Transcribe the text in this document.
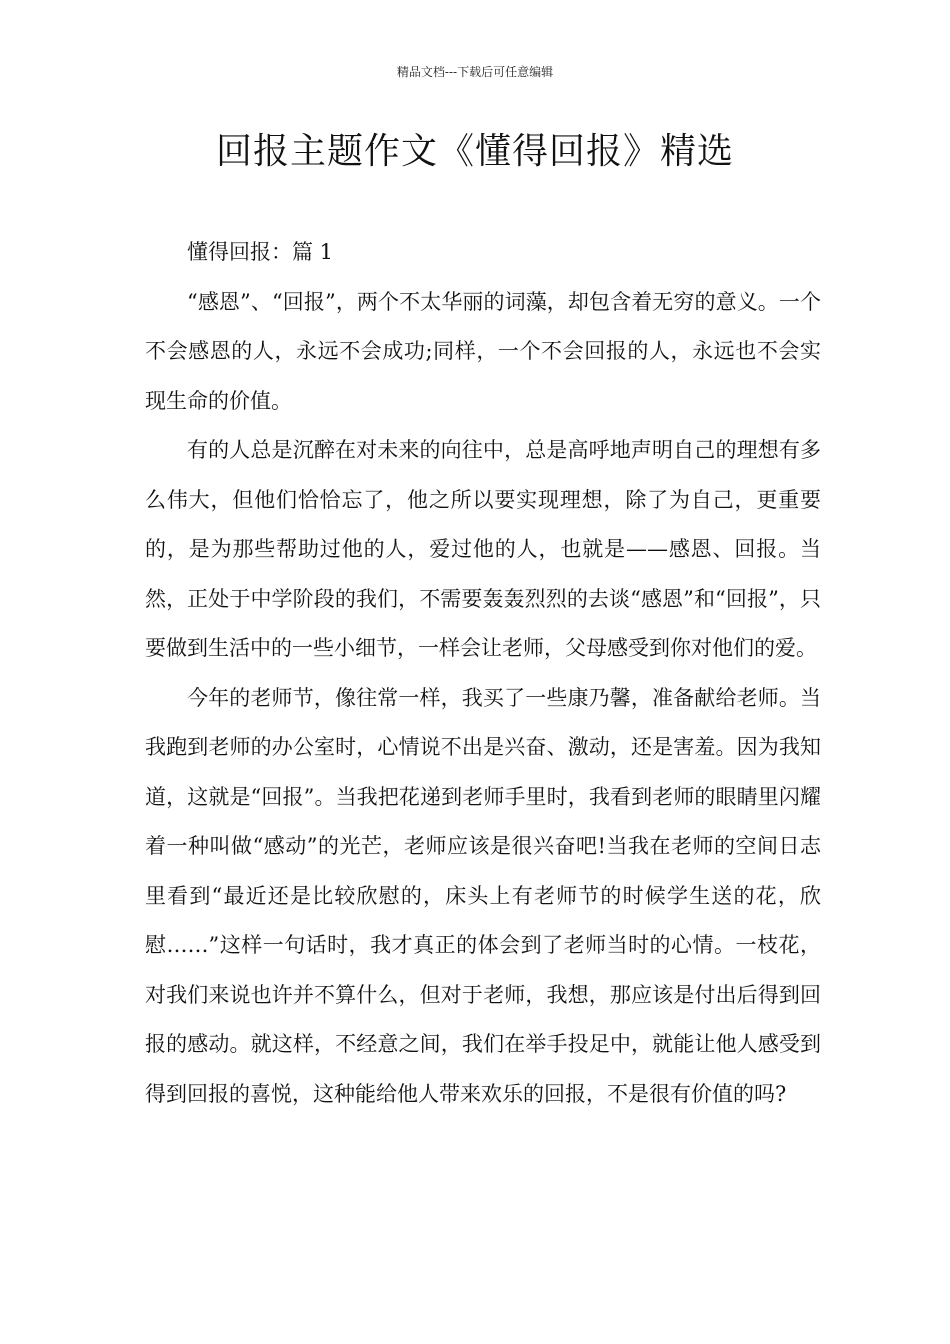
精品文档---下载后可任意编辑
回报主题作文《懂得回报》精选

懂得回报：篇 1

“感恩”、“回报”，两个不太华丽的词藻，却包含着无穷的意义。一个不会感恩的人，永远不会成功;同样，一个不会回报的人，永远也不会实现生命的价值。

有的人总是沉醉在对未来的向往中，总是高呼地声明自己的理想有多么伟大，但他们恰恰忘了，他之所以要实现理想，除了为自己，更重要的，是为那些帮助过他的人，爱过他的人，也就是——感恩、回报。当然，正处于中学阶段的我们，不需要轰轰烈烈的去谈“感恩”和“回报”，只要做到生活中的一些小细节，一样会让老师，父母感受到你对他们的爱。

今年的老师节，像往常一样，我买了一些康乃馨，准备献给老师。当我跑到老师的办公室时，心情说不出是兴奋、激动，还是害羞。因为我知道，这就是“回报”。当我把花递到老师手里时，我看到老师的眼睛里闪耀着一种叫做“感动”的光芒，老师应该是很兴奋吧!当我在老师的空间日志里看到“最近还是比较欣慰的，床头上有老师节的时候学生送的花，欣慰……”这样一句话时，我才真正的体会到了老师当时的心情。一枝花，对我们来说也许并不算什么，但对于老师，我想，那应该是付出后得到回报的感动。就这样，不经意之间，我们在举手投足中，就能让他人感受到得到回报的喜悦，这种能给他人带来欢乐的回报，不是很有价值的吗?
